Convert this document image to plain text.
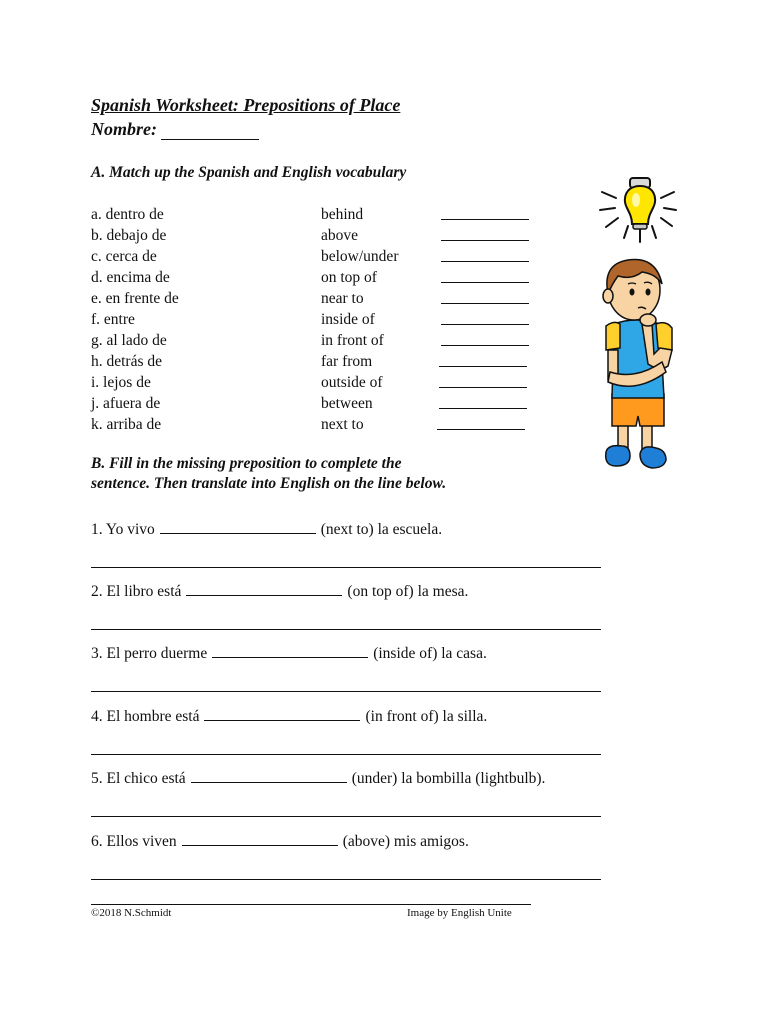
Spanish Worksheet: Prepositions of Place
Nombre:
A. Match up the Spanish and English vocabulary
a. dentro de	behind
b. debajo de	above
c. cerca de	below/under
d. encima de	on top of
e. en frente de	near to
f. entre	inside of
g. al lado de	in front of
h. detrás de	far from
i. lejos de	outside of
j. afuera de	between
k. arriba de	next to
B. Fill in the missing preposition to complete the
sentence. Then translate into English on the line below.
1. Yo vivo	(next to) la escuela.
2. El libro está	(on top of) la mesa.
3. El perro duerme	(inside of) la casa.
4. El hombre está	(in front of) la silla.
5. El chico está	(under) la bombilla (lightbulb).
6. Ellos viven	(above) mis amigos.
©2018 N.Schmidt	Image by English Unite
